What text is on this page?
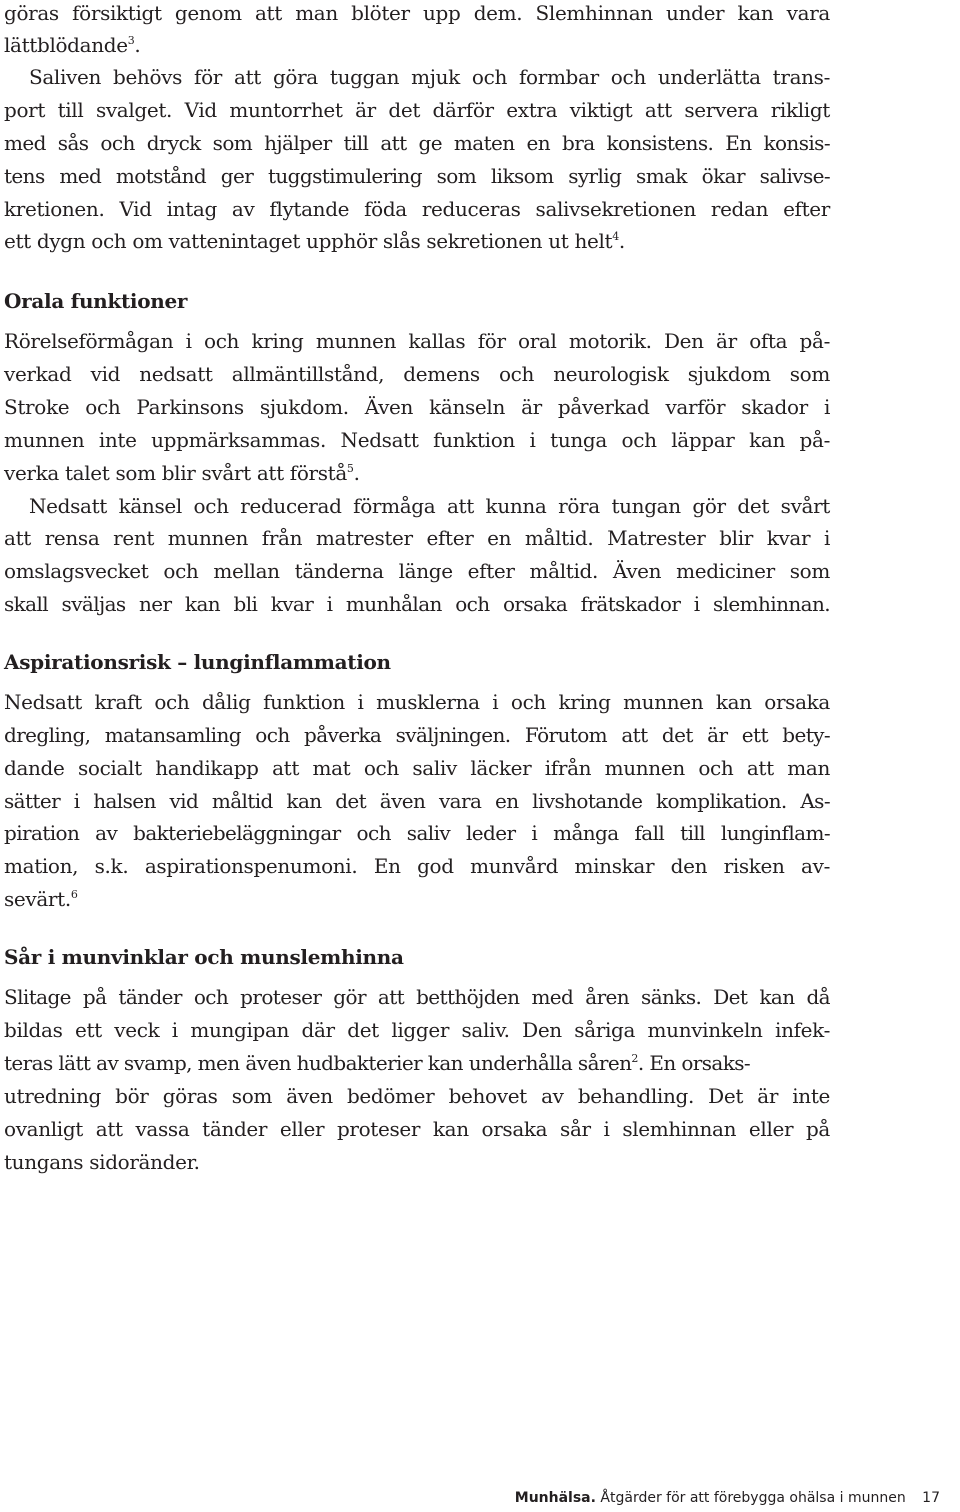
göras försiktigt genom att man blöter upp dem. Slemhinnan under kan vara
lättblödande$^3$.
Saliven behövs för att göra tuggan mjuk och formbar och underlätta trans-
port till svalget. Vid muntorrhet är det därför extra viktigt att servera rikligt
med sås och dryck som hjälper till att ge maten en bra konsistens. En konsis-
tens med motstånd ger tuggstimulering som liksom syrlig smak ökar salivse-
kretionen. Vid intag av flytande föda reduceras salivsekretionen redan efter
ett dygn och om vattenintaget upphör slås sekretionen ut helt$^4$.
Orala funktioner
Rörelseförmågan i och kring munnen kallas för oral motorik. Den är ofta på-
verkad vid nedsatt allmäntillstånd, demens och neurologisk sjukdom som
Stroke och Parkinsons sjukdom. Även känseln är påverkad varför skador i
munnen inte uppmärksammas. Nedsatt funktion i tunga och läppar kan på-
verka talet som blir svårt att förstå$^5$.
Nedsatt känsel och reducerad förmåga att kunna röra tungan gör det svårt
att rensa rent munnen från matrester efter en måltid. Matrester blir kvar i
omslagsvecket och mellan tänderna länge efter måltid. Även mediciner som
skall sväljas ner kan bli kvar i munhålan och orsaka frätskador i slemhinnan.
Aspirationsrisk – lunginflammation
Nedsatt kraft och dålig funktion i musklerna i och kring munnen kan orsaka
dregling, matansamling och påverka sväljningen. Förutom att det är ett bety-
dande socialt handikapp att mat och saliv läcker ifrån munnen och att man
sätter i halsen vid måltid kan det även vara en livshotande komplikation. As-
piration av bakteriebeläggningar och saliv leder i många fall till lunginflam-
mation, s.k. aspirationspenumoni. En god munvård minskar den risken av-
sevärt.$^6$
Sår i munvinklar och munslemhinna
Slitage på tänder och proteser gör att betthöjden med åren sänks. Det kan då
bildas ett veck i mungipan där det ligger saliv. Den såriga munvinkeln infek-
teras lätt av svamp, men även hudbakterier kan underhålla såren$^2$. En orsaks-
utredning bör göras som även bedömer behovet av behandling. Det är inte
ovanligt att vassa tänder eller proteser kan orsaka sår i slemhinnan eller på
tungans sidoränder.
Munhälsa. Åtgärder för att förebygga ohälsa i munnen 17
